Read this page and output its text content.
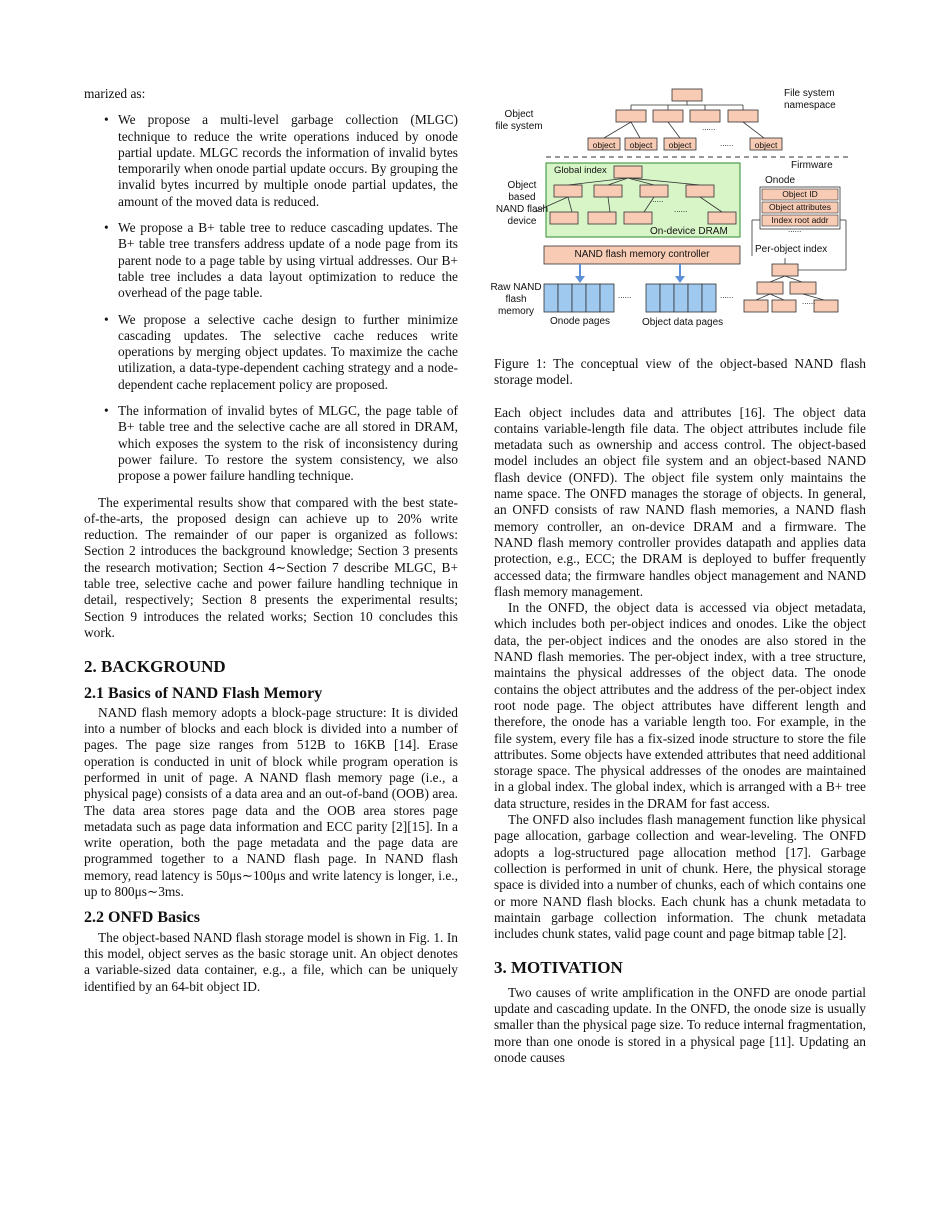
marized as:

• We propose a multi-level garbage collection (MLGC) technique to reduce the write operations induced by onode partial update. MLGC records the information of invalid bytes temporarily when onode partial update occurs. By grouping the invalid bytes incurred by multiple onode partial updates, the amount of the moved data is reduced.
• We propose a B+ table tree to reduce cascading updates. The B+ table tree transfers address update of a node page from its parent node to a page table by using virtual addresses. Our B+ table tree includes a data layout optimization to reduce the overhead of the page table.
• We propose a selective cache design to further minimize cascading updates. The selective cache reduces write operations by merging object updates. To maximize the cache utilization, a data-type-dependent caching strategy and a node-dependent cache replacement policy are proposed.
• The information of invalid bytes of MLGC, the page table of B+ table tree and the selective cache are all stored in DRAM, which exposes the system to the risk of inconsistency during power failure. To restore the system consistency, we also propose a power failure handling technique.

The experimental results show that compared with the best state-of-the-arts, the proposed design can achieve up to 20% write reduction. The remainder of our paper is organized as follows: Section 2 introduces the background knowledge; Section 3 presents the research motivation; Section 4∼Section 7 describe MLGC, B+ table tree, selective cache and power failure handling technique in detail, respectively; Section 8 presents the experimental results; Section 9 introduces the related works; Section 10 concludes this work.

2. BACKGROUND
2.1 Basics of NAND Flash Memory

NAND flash memory adopts a block-page structure: It is divided into a number of blocks and each block is divided into a number of pages. The page size ranges from 512B to 16KB [14]. Erase operation is conducted in unit of block while program operation is performed in unit of page. A NAND flash memory page (i.e., a physical page) consists of a data area and an out-of-band (OOB) area. The data area stores page data and the OOB area stores page metadata such as page data information and ECC parity [2][15]. In a write operation, both the page metadata and the page data are programmed together to a NAND flash page. In NAND flash memory, read latency is 50μs∼100μs and write latency is longer, i.e., up to 800μs∼3ms.

2.2 ONFD Basics

The object-based NAND flash storage model is shown in Fig. 1. In this model, object serves as the basic storage unit. An object denotes a variable-sized data container, e.g., a file, which can be uniquely identified by an 64-bit object ID.

File system
namespace
Object
file system
object	object	object	object
......
......
Firmware
Global index
Onode
Object ID
Object attributes
Index root addr
......
......
......
Object
based
NAND flash
device
On-device DRAM
NAND flash memory controller	Per-object index
Raw NAND
flash
memory
......	......
......
Onode pages	Object data pages

Figure 1: The conceptual view of the object-based NAND flash storage model.

Each object includes data and attributes [16]. The object data contains variable-length file data. The object attributes include file metadata such as ownership and access control. The object-based model includes an object file system and an object-based NAND flash device (ONFD). The object file system only maintains the name space. The ONFD manages the storage of objects. In general, an ONFD consists of raw NAND flash memories, a NAND flash memory controller, an on-device DRAM and a firmware. The NAND flash memory controller provides datapath and applies data protection, e.g., ECC; the DRAM is deployed to buffer frequently accessed data; the firmware handles object management and NAND flash memory management.

In the ONFD, the object data is accessed via object metadata, which includes both per-object indices and onodes. Like the object data, the per-object indices and the onodes are also stored in the NAND flash memories. The per-object index, with a tree structure, maintains the physical addresses of the object data. The onode contains the object attributes and the address of the per-object index root node page. The object attributes have different length and therefore, the onode has a variable length too. For example, in the file system, every file has a fix-sized inode structure to store the file attributes. Some objects have extended attributes that need additional storage space. The physical addresses of the onodes are maintained in a global index. The global index, which is arranged with a B+ tree data structure, resides in the DRAM for fast access.

The ONFD also includes flash management function like physical page allocation, garbage collection and wear-leveling. The ONFD adopts a log-structured page allocation method [17]. Garbage collection is performed in unit of chunk. Here, the physical storage space is divided into a number of chunks, each of which contains one or more NAND flash blocks. Each chunk has a chunk metadata to maintain garbage collection information. The chunk metadata includes chunk states, valid page count and page bitmap table [2].

3. MOTIVATION

Two causes of write amplification in the ONFD are onode partial update and cascading update. In the ONFD, the onode size is usually smaller than the physical page size. To reduce internal fragmentation, more than one onode is stored in a physical page [11]. Updating an onode causes
